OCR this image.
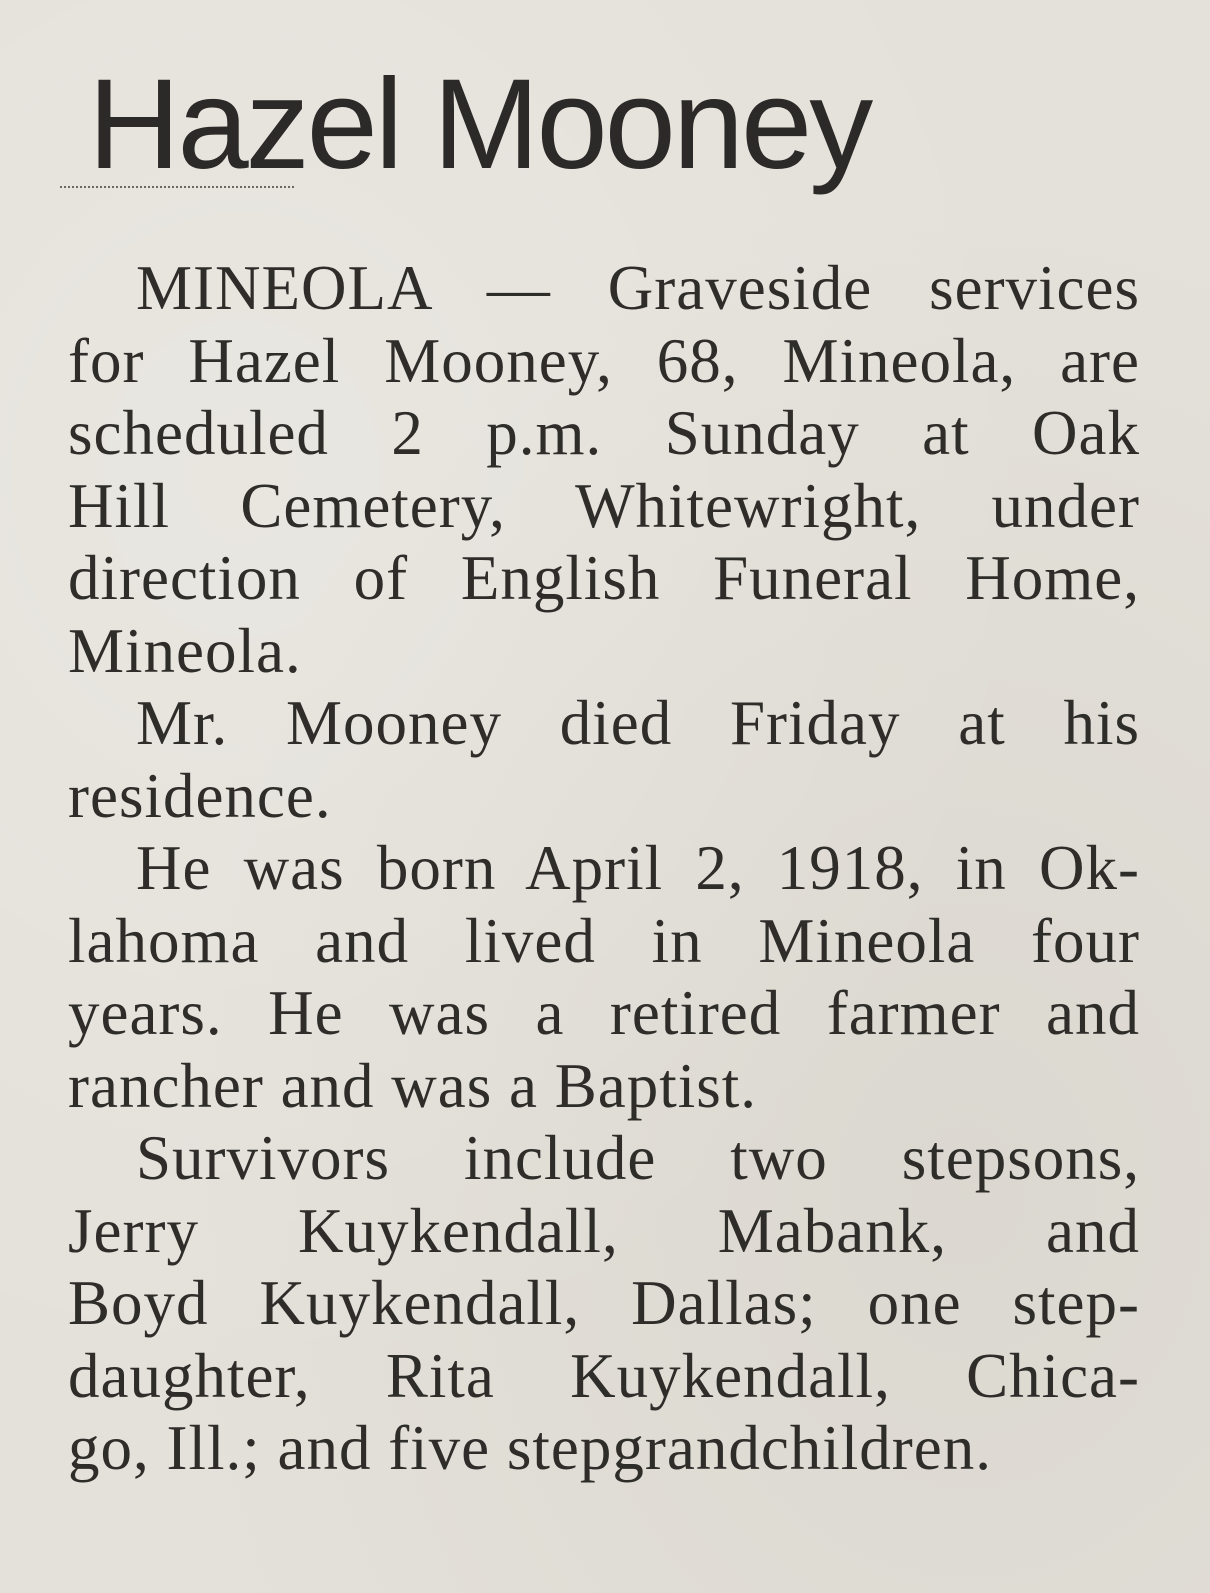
Hazel Mooney

MINEOLA — Graveside services
for Hazel Mooney, 68, Mineola, are
scheduled 2 p.m. Sunday at Oak
Hill Cemetery, Whitewright, under
direction of English Funeral Home,
Mineola.

Mr. Mooney died Friday at his
residence.

He was born April 2, 1918, in Ok-
lahoma and lived in Mineola four
years. He was a retired farmer and
rancher and was a Baptist.

Survivors include two stepsons,
Jerry Kuykendall, Mabank, and
Boyd Kuykendall, Dallas; one step-
daughter, Rita Kuykendall, Chica-
go, Ill.; and five stepgrandchildren.
